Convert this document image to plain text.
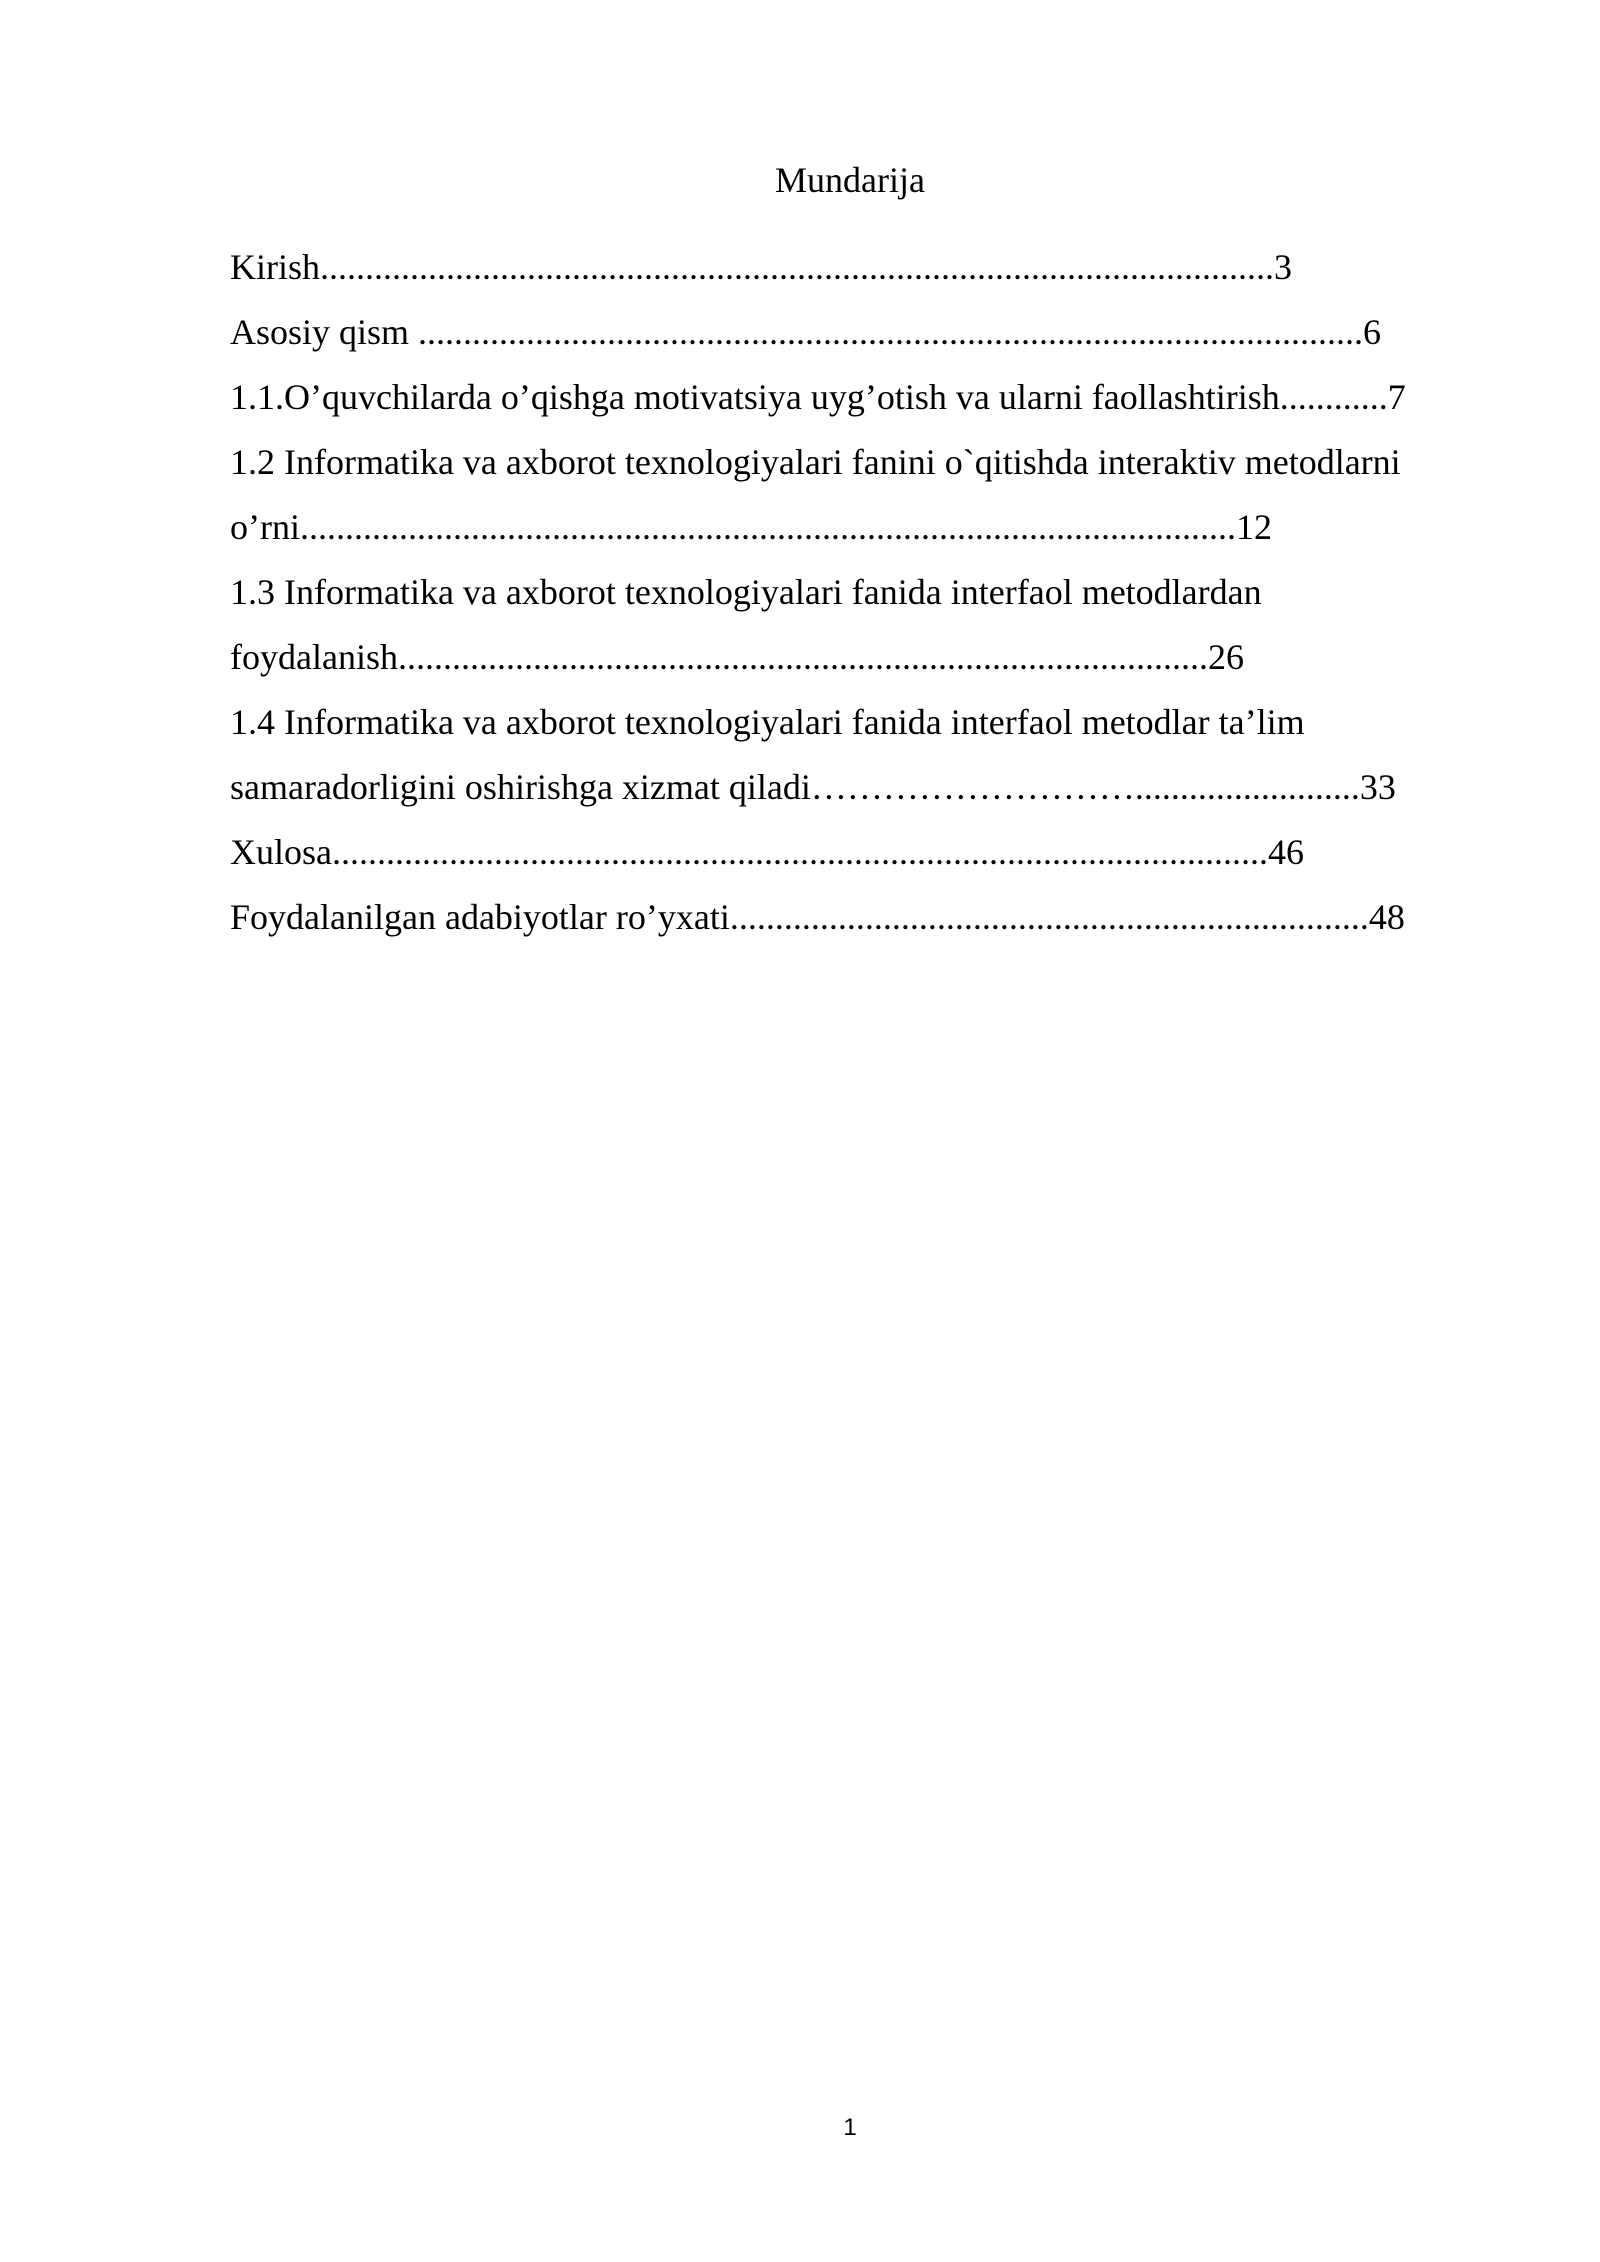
Mundarija
Kirish..........................................................................................................3
Asosiy qism .........................................................................................................6
1.1.O’quvchilarda o’qishga motivatsiya uyg’otish va ularni faollashtirish............7
1.2 Informatika va axborot texnologiyalari fanini o`qitishda interaktiv metodlarni
o’rni........................................................................................................12
1.3 Informatika va axborot texnologiyalari fanida interfaol metodlardan
foydalanish..........................................................................................26
1.4 Informatika va axborot texnologiyalari fanida interfaol metodlar ta’lim
samaradorligini oshirishga xizmat qiladi……………………….........................33
Xulosa........................................................................................................46
Foydalanilgan adabiyotlar ro’yxati.......................................................................48
1
